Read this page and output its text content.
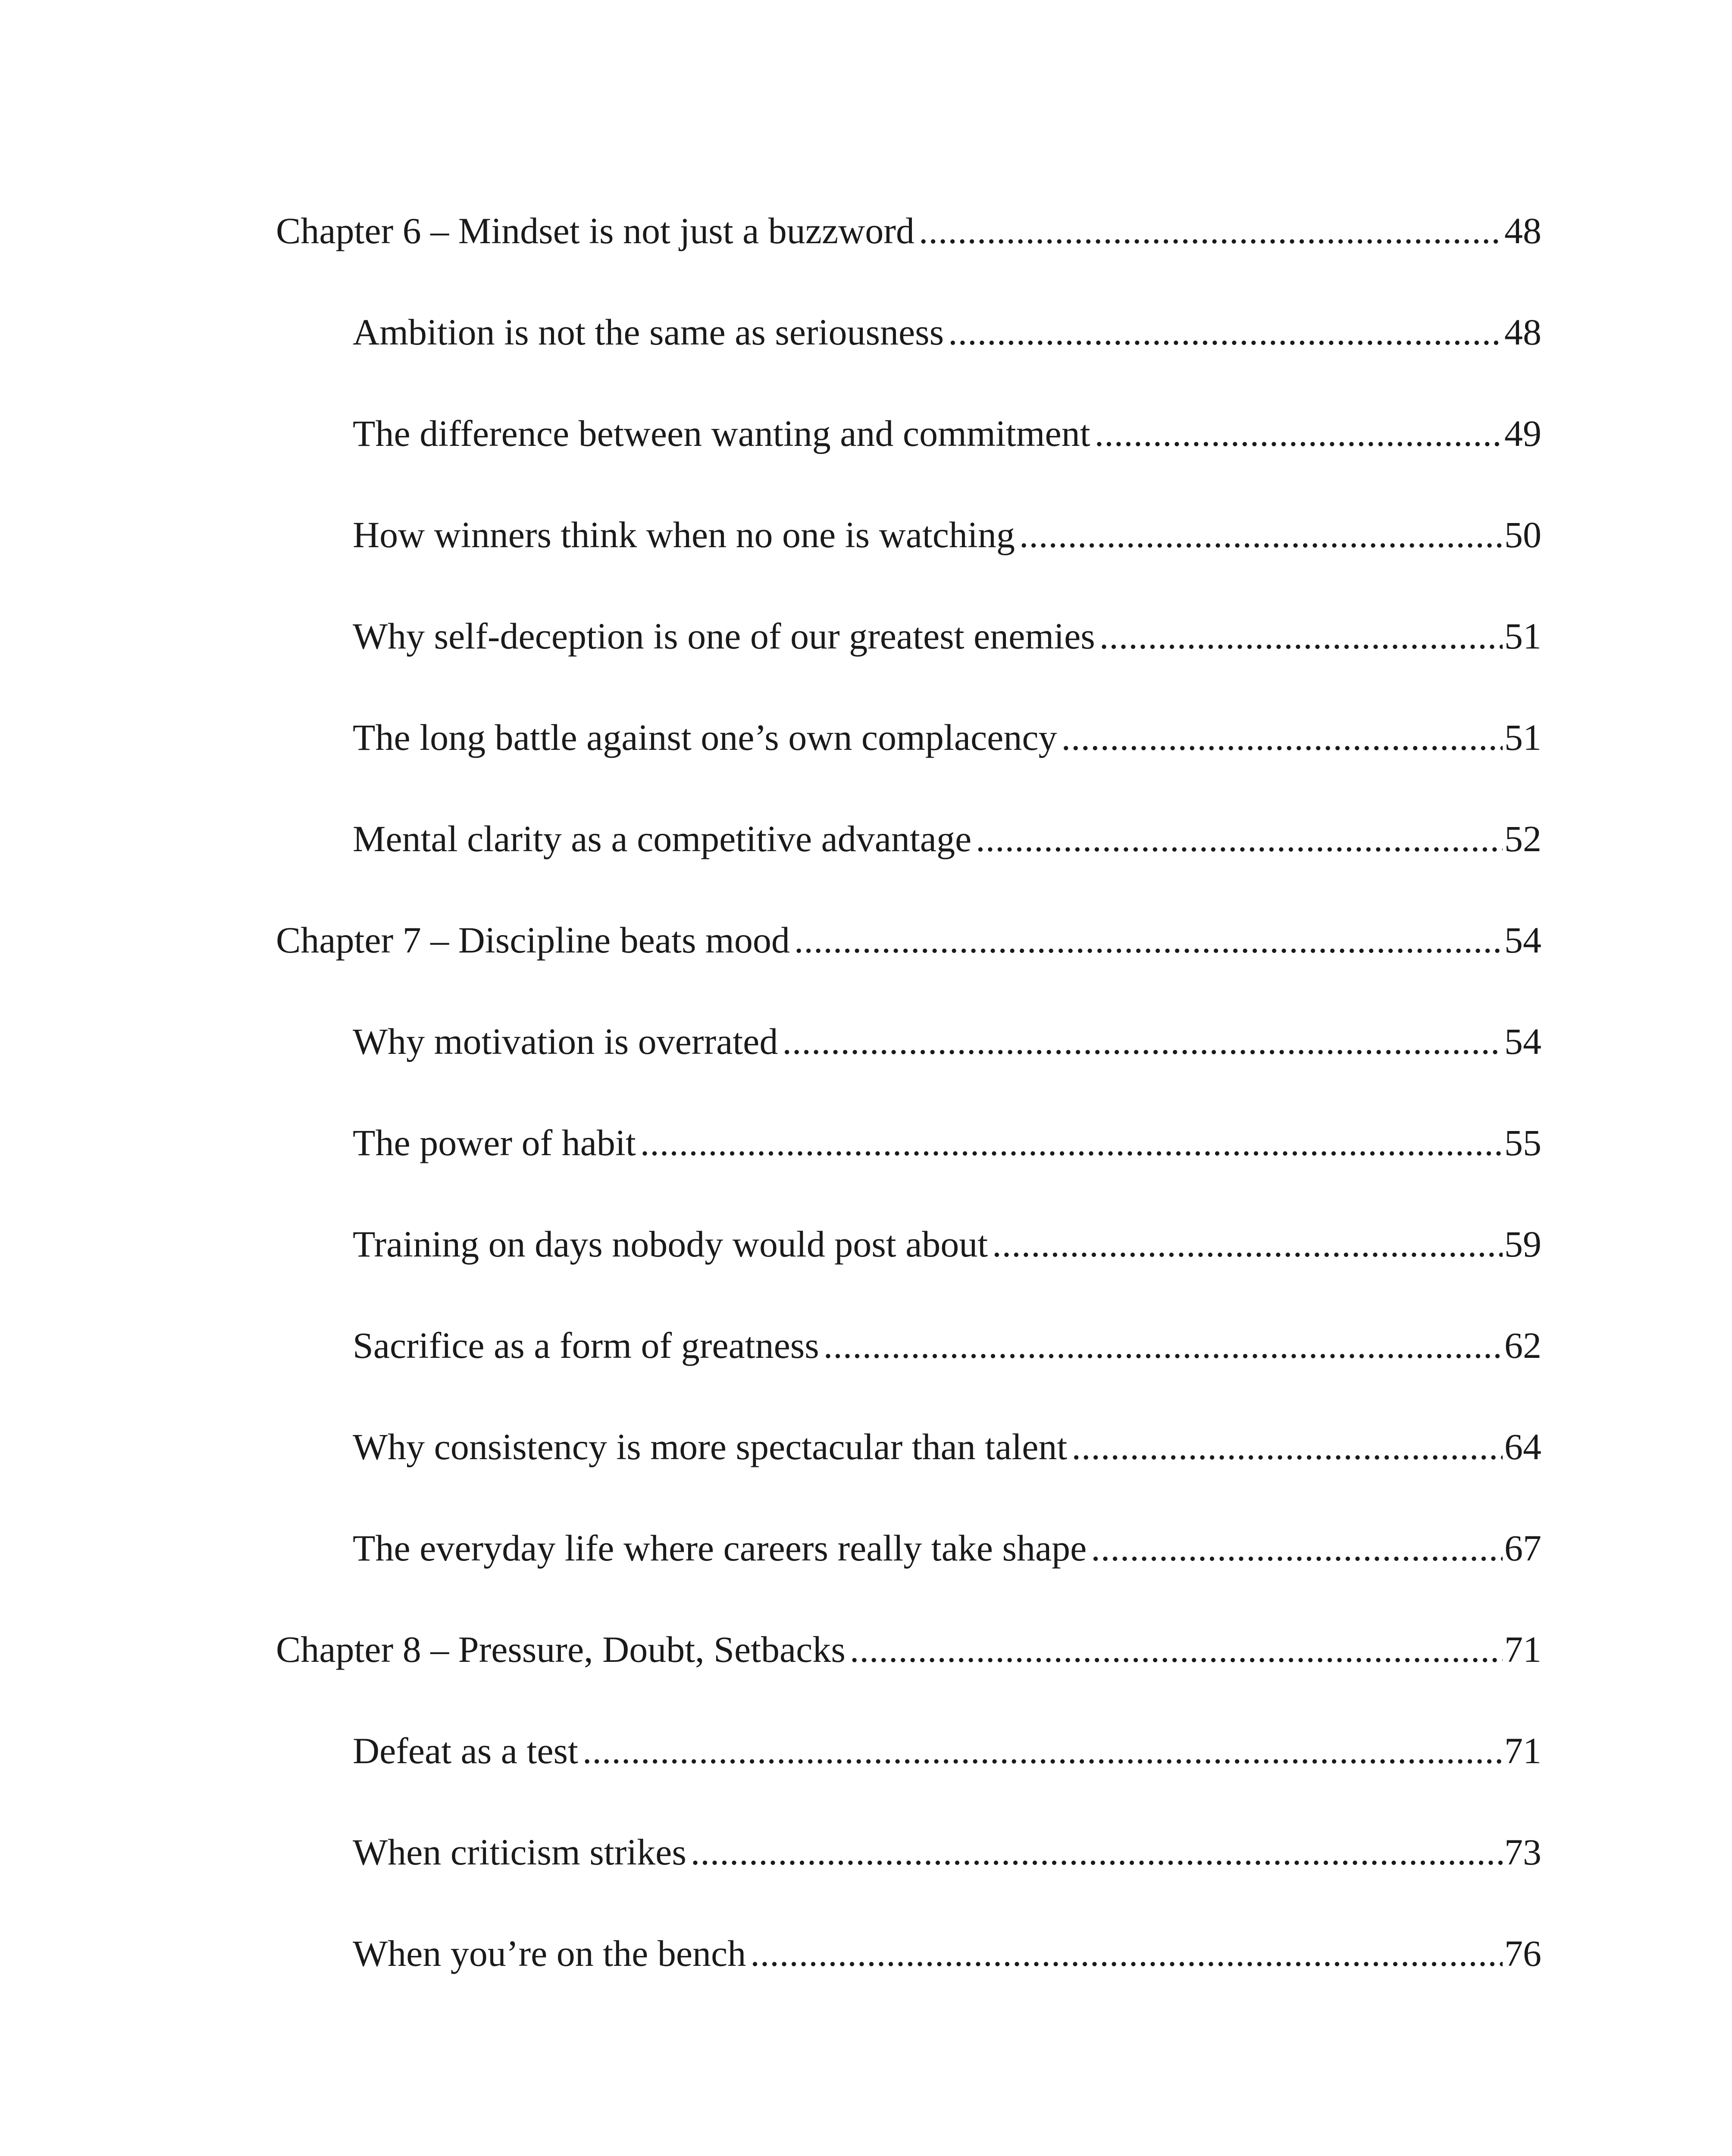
Chapter 6 – Mindset is not just a buzzword .....	48
Ambition is not the same as seriousness .....	48
The difference between wanting and commitment .....	49
How winners think when no one is watching .....	50
Why self-deception is one of our greatest enemies .....	51
The long battle against one’s own complacency .....	51
Mental clarity as a competitive advantage .....	52
Chapter 7 – Discipline beats mood .....	54
Why motivation is overrated .....	54
The power of habit .....	55
Training on days nobody would post about .....	59
Sacrifice as a form of greatness .....	62
Why consistency is more spectacular than talent .....	64
The everyday life where careers really take shape .....	67
Chapter 8 – Pressure, Doubt, Setbacks .....	71
Defeat as a test .....	71
When criticism strikes .....	73
When you’re on the bench .....	76
